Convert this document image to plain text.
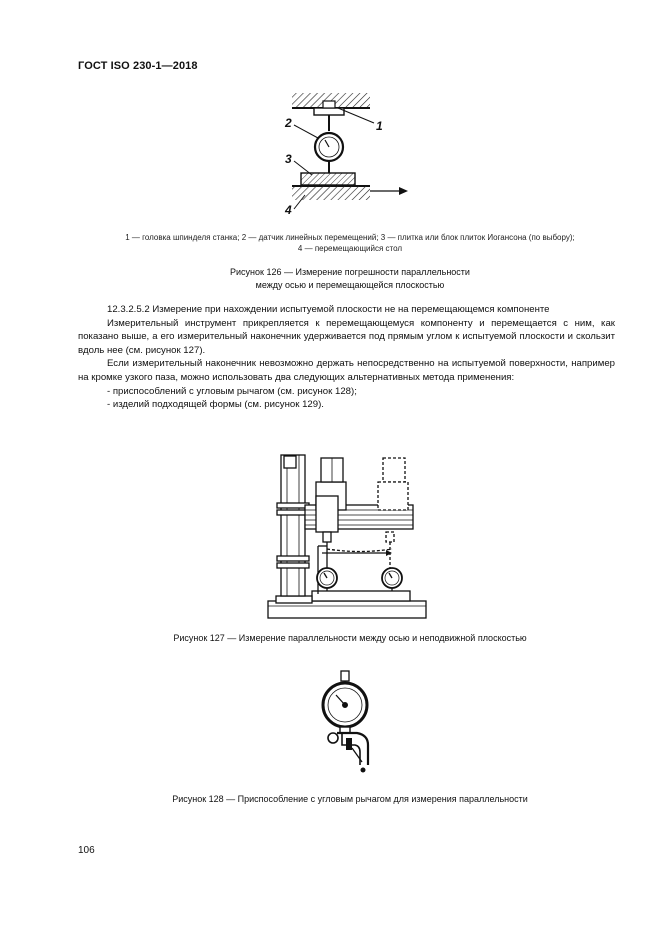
ГОСТ ISO 230-1—2018
1
2
3
4
1 — головка шпинделя станка; 2 — датчик линейных перемещений; 3 — плитка или блок плиток Иогансона (по выбору);
4 — перемещающийся стол
Рисунок 126 — Измерение погрешности параллельности
между осью и перемещающейся плоскостью

12.3.2.5.2 Измерение при нахождении испытуемой плоскости не на перемещающемся компоненте

Измерительный инструмент прикрепляется к перемещающемуся компоненту и перемещается с ним, как показано выше, а его измерительный наконечник удерживается под прямым углом к испытуемой плоскости и скользит вдоль нее (см. рисунок 127).

Если измерительный наконечник невозможно держать непосредственно на испытуемой поверхности, например на кромке узкого паза, можно использовать два следующих альтернативных метода применения:

- приспособлений с угловым рычагом (см. рисунок 128);

- изделий подходящей формы (см. рисунок 129).

Рисунок 127 — Измерение параллельности между осью и неподвижной плоскостью
Рисунок 128 — Приспособление с угловым рычагом для измерения параллельности
106
